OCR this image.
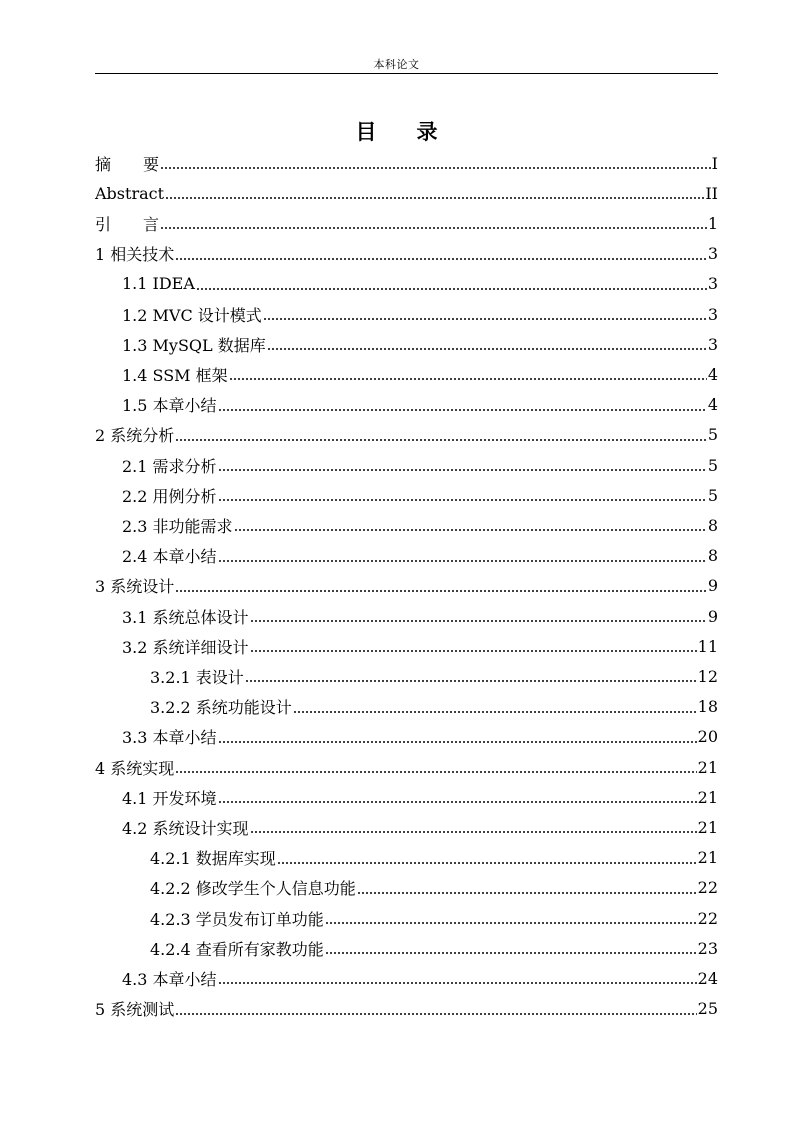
本科论文
目 录
摘　　要	I
Abstract	II
引　　言	1
1 相关技术	3
1.1 IDEA	3
1.2 MVC 设计模式	3
1.3 MySQL 数据库	3
1.4 SSM 框架	4
1.5 本章小结	4
2 系统分析	5
2.1 需求分析	5
2.2 用例分析	5
2.3 非功能需求	8
2.4 本章小结	8
3 系统设计	9
3.1 系统总体设计	9
3.2 系统详细设计	11
3.2.1 表设计	12
3.2.2 系统功能设计	18
3.3 本章小结	20
4 系统实现	21
4.1 开发环境	21
4.2 系统设计实现	21
4.2.1 数据库实现	21
4.2.2 修改学生个人信息功能	22
4.2.3 学员发布订单功能	22
4.2.4 查看所有家教功能	23
4.3 本章小结	24
5 系统测试	25
